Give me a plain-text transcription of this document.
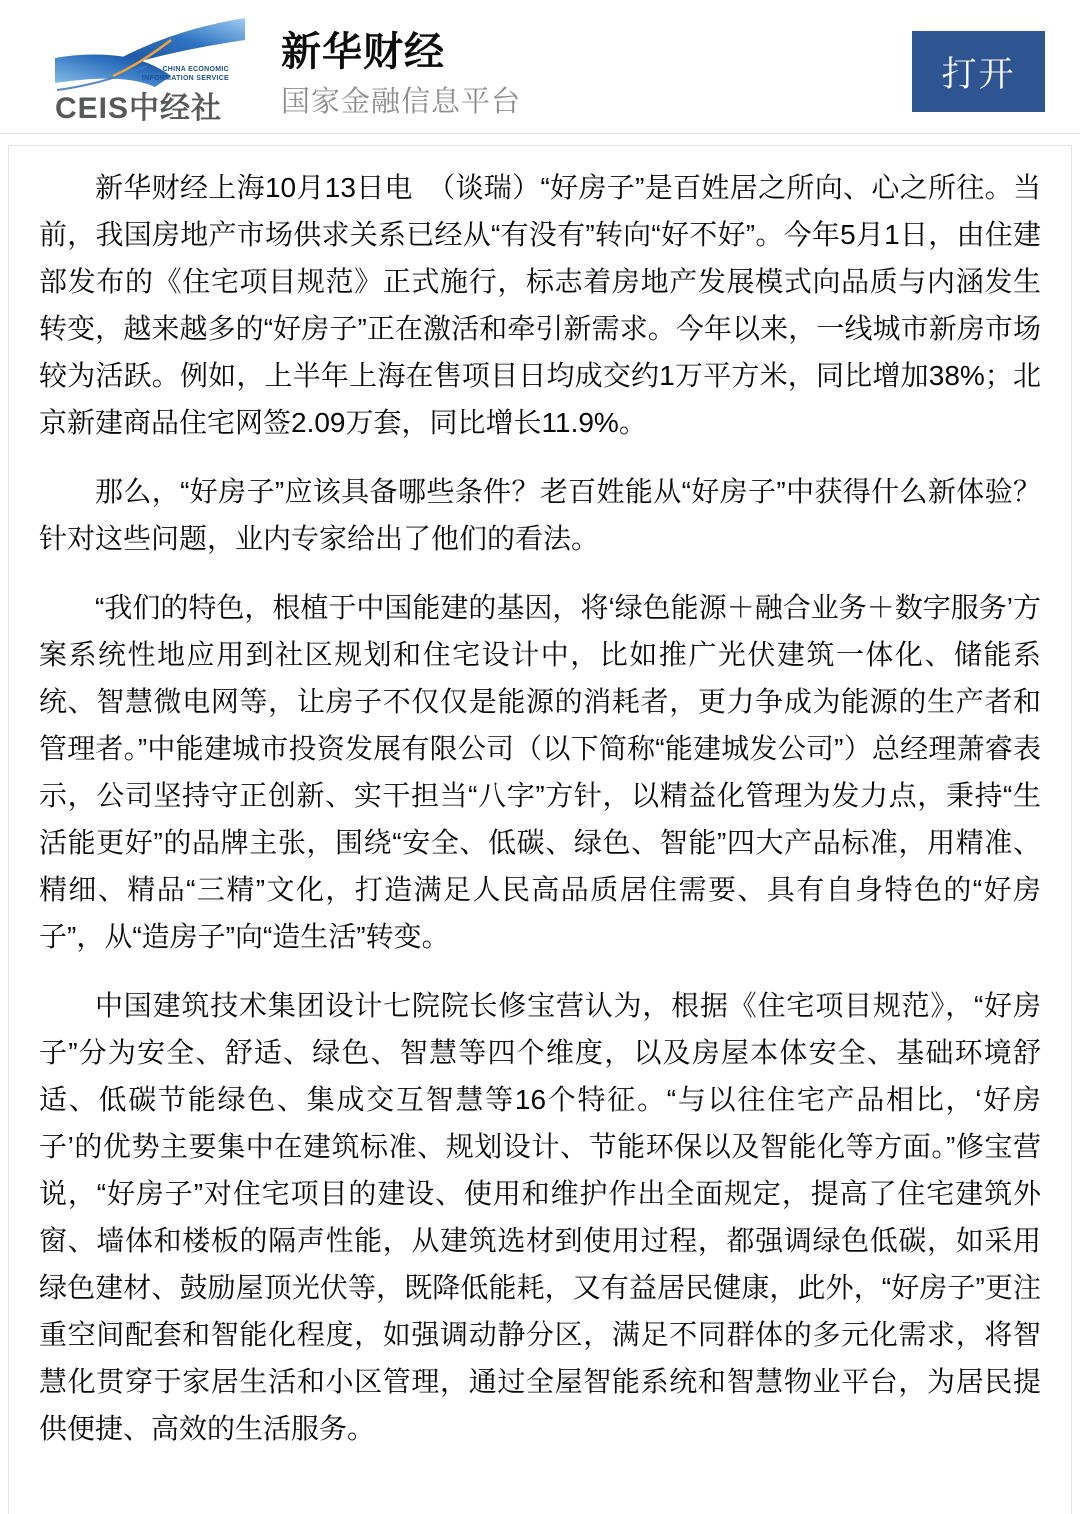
CHINA ECONOMIC
INFORMATION SERVICE
CEIS中经社
新华财经
国家金融信息平台
打开

新华财经上海10月13日电　（谈瑞）“好房子”是百姓居之所向、心之所往。当前，我国房地产市场供求关系已经从“有没有”转向“好不好”。今年5月1日，由住建部发布的《住宅项目规范》正式施行，标志着房地产发展模式向品质与内涵发生转变，越来越多的“好房子”正在激活和牵引新需求。今年以来，一线城市新房市场较为活跃。例如，上半年上海在售项目日均成交约1万平方米，同比增加38%；北京新建商品住宅网签2.09万套，同比增长11.9%。

那么，“好房子”应该具备哪些条件？老百姓能从“好房子”中获得什么新体验？针对这些问题，业内专家给出了他们的看法。

“我们的特色，根植于中国能建的基因，将‘绿色能源＋融合业务＋数字服务’方案系统性地应用到社区规划和住宅设计中，比如推广光伏建筑一体化、储能系统、智慧微电网等，让房子不仅仅是能源的消耗者，更力争成为能源的生产者和管理者。”中能建城市投资发展有限公司（以下简称“能建城发公司”）总经理萧睿表示，公司坚持守正创新、实干担当“八字”方针，以精益化管理为发力点，秉持“生活能更好”的品牌主张，围绕“安全、低碳、绿色、智能”四大产品标准，用精准、精细、精品“三精”文化，打造满足人民高品质居住需要、具有自身特色的“好房子”，从“造房子”向“造生活”转变。

中国建筑技术集团设计七院院长修宝营认为，根据《住宅项目规范》，“好房子”分为安全、舒适、绿色、智慧等四个维度，以及房屋本体安全、基础环境舒适、低碳节能绿色、集成交互智慧等16个特征。“与以往住宅产品相比，‘好房子’的优势主要集中在建筑标准、规划设计、节能环保以及智能化等方面。”修宝营说，“好房子”对住宅项目的建设、使用和维护作出全面规定，提高了住宅建筑外窗、墙体和楼板的隔声性能，从建筑选材到使用过程，都强调绿色低碳，如采用绿色建材、鼓励屋顶光伏等，既降低能耗，又有益居民健康，此外，“好房子”更注重空间配套和智能化程度，如强调动静分区，满足不同群体的多元化需求，将智慧化贯穿于家居生活和小区管理，通过全屋智能系统和智慧物业平台，为居民提供便捷、高效的生活服务。
